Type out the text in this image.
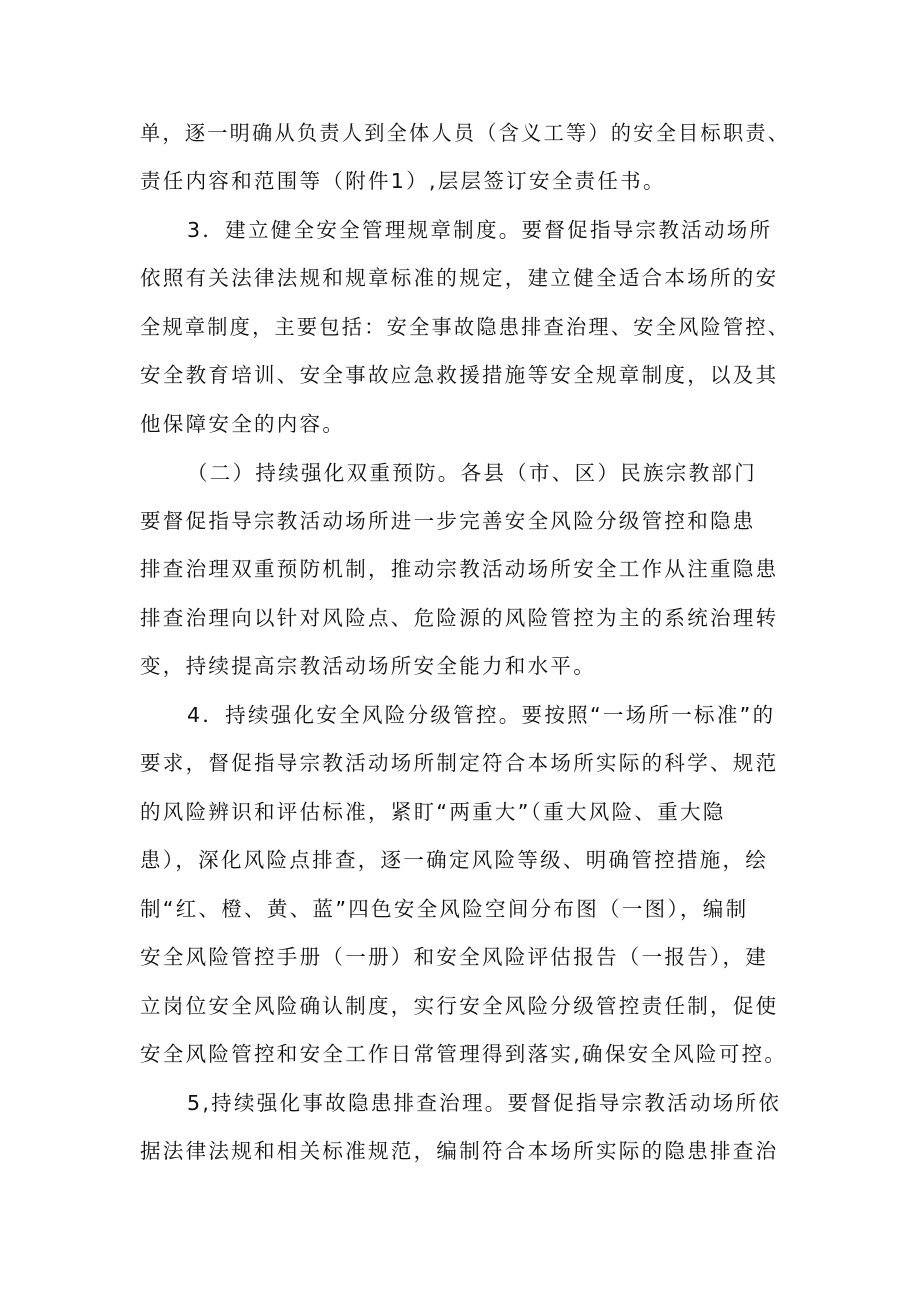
单，逐一明确从负责人到全体人员（含义工等）的安全目标职责、
责任内容和范围等（附件1）,层层签订安全责任书。
3．建立健全安全管理规章制度。要督促指导宗教活动场所
依照有关法律法规和规章标准的规定，建立健全适合本场所的安
全规章制度，主要包括：安全事故隐患排查治理、安全风险管控、
安全教育培训、安全事故应急救援措施等安全规章制度，以及其
他保障安全的内容。
（二）持续强化双重预防。各县（市、区）民族宗教部门
要督促指导宗教活动场所进一步完善安全风险分级管控和隐患
排查治理双重预防机制，推动宗教活动场所安全工作从注重隐患
排查治理向以针对风险点、危险源的风险管控为主的系统治理转
变，持续提高宗教活动场所安全能力和水平。
4．持续强化安全风险分级管控。要按照“一场所一标准”的
要求，督促指导宗教活动场所制定符合本场所实际的科学、规范
的风险辨识和评估标准，紧盯“两重大”（重大风险、重大隐
患），深化风险点排查，逐一确定风险等级、明确管控措施，绘
制“红、橙、黄、蓝”四色安全风险空间分布图（一图），编制
安全风险管控手册（一册）和安全风险评估报告（一报告），建
立岗位安全风险确认制度，实行安全风险分级管控责任制，促使
安全风险管控和安全工作日常管理得到落实,确保安全风险可控。
5,持续强化事故隐患排查治理。要督促指导宗教活动场所依
据法律法规和相关标准规范，编制符合本场所实际的隐患排查治
